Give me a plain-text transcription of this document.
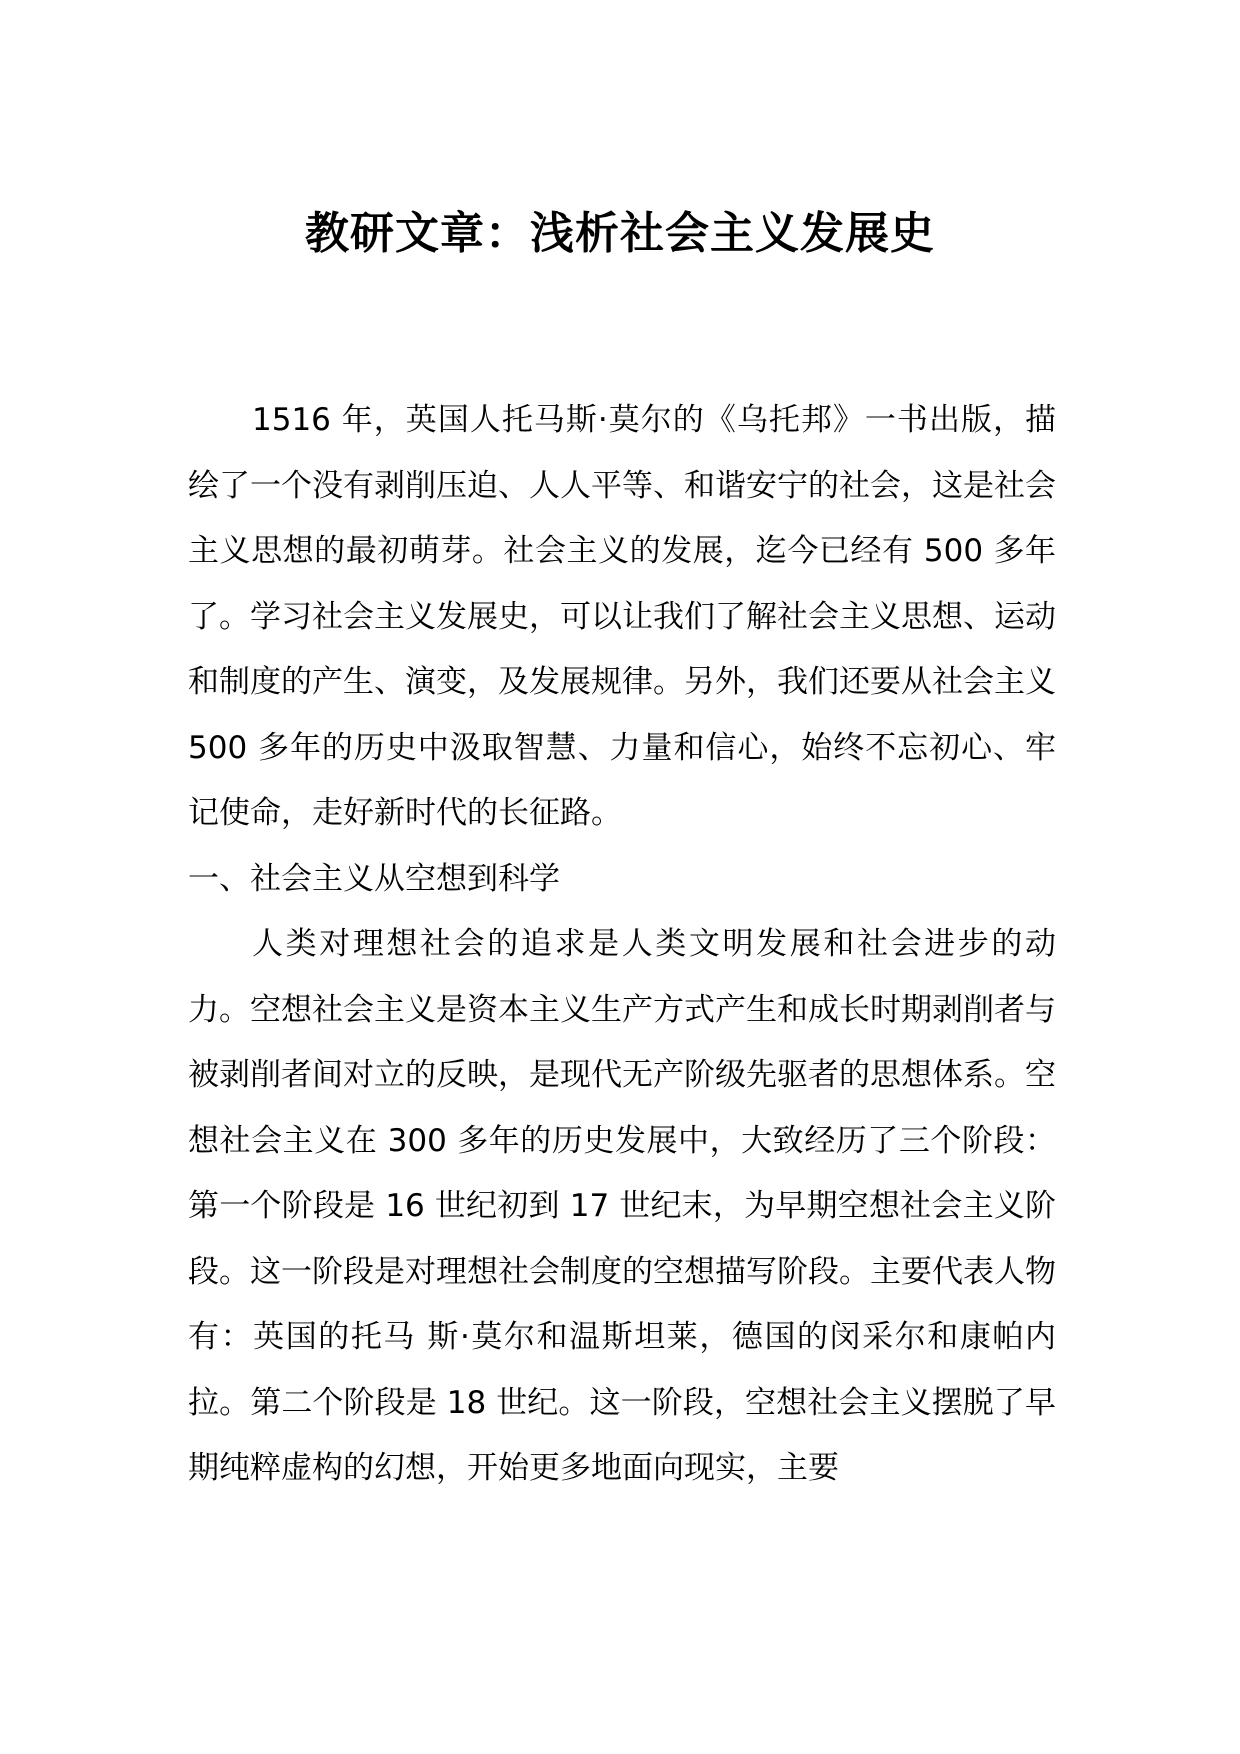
教研文章：浅析社会主义发展史

1516 年，英国人托马斯·莫尔的《乌托邦》一书出版，描绘了一个没有剥削压迫、人人平等、和谐安宁的社会，这是社会主义思想的最初萌芽。社会主义的发展，迄今已经有 500 多年了。学习社会主义发展史，可以让我们了解社会主义思想、运动和制度的产生、演变，及发展规律。另外，我们还要从社会主义 500 多年的历史中汲取智慧、力量和信心，始终不忘初心、牢记使命，走好新时代的长征路。

一、社会主义从空想到科学

人类对理想社会的追求是人类文明发展和社会进步的动力。空想社会主义是资本主义生产方式产生和成长时期剥削者与被剥削者间对立的反映，是现代无产阶级先驱者的思想体系。空想社会主义在 300 多年的历史发展中，大致经历了三个阶段：第一个阶段是 16 世纪初到 17 世纪末，为早期空想社会主义阶段。这一阶段是对理想社会制度的空想描写阶段。主要代表人物有：英国的托马 斯·莫尔和温斯坦莱，德国的闵采尔和康帕内拉。第二个阶段是 18 世纪。这一阶段，空想社会主义摆脱了早期纯粹虚构的幻想，开始更多地面向现实，主要
